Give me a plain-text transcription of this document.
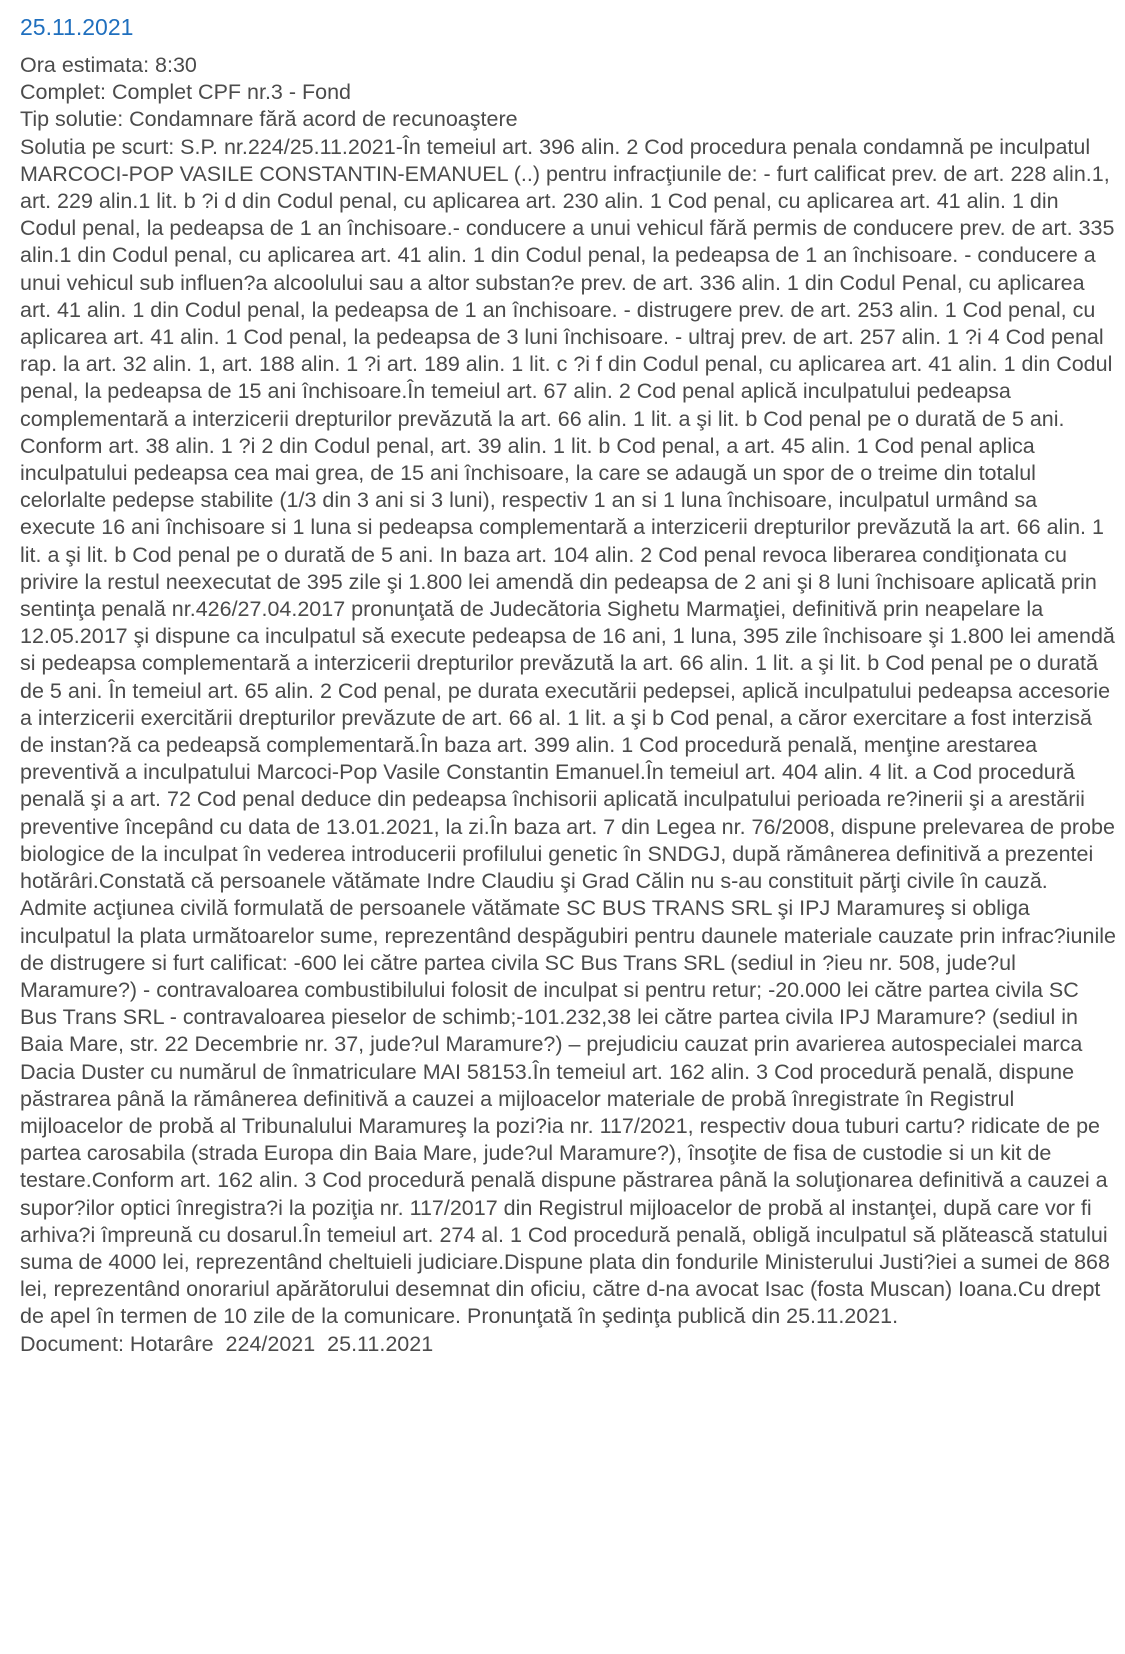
25.11.2021
Ora estimata: 8:30
Complet: Complet CPF nr.3 - Fond
Tip solutie: Condamnare fără acord de recunoaştere
Solutia pe scurt: S.P. nr.224/25.11.2021-În temeiul art. 396 alin. 2 Cod procedura penala condamnă pe inculpatul MARCOCI-POP VASILE CONSTANTIN-EMANUEL (..) pentru infracţiunile de: - furt calificat prev. de art. 228 alin.1, art. 229 alin.1 lit. b ?i d din Codul penal, cu aplicarea art. 230 alin. 1 Cod penal, cu aplicarea art. 41 alin. 1 din Codul penal, la pedeapsa de 1 an închisoare.- conducere a unui vehicul fără permis de conducere prev. de art. 335 alin.1 din Codul penal, cu aplicarea art. 41 alin. 1 din Codul penal, la pedeapsa de 1 an închisoare. - conducere a unui vehicul sub influen?a alcoolului sau a altor substan?e prev. de art. 336 alin. 1 din Codul Penal, cu aplicarea art. 41 alin. 1 din Codul penal, la pedeapsa de 1 an închisoare. - distrugere prev. de art. 253 alin. 1 Cod penal, cu aplicarea art. 41 alin. 1 Cod penal, la pedeapsa de 3 luni închisoare. - ultraj prev. de art. 257 alin. 1 ?i 4 Cod penal rap. la art. 32 alin. 1, art. 188 alin. 1 ?i art. 189 alin. 1 lit. c ?i f din Codul penal, cu aplicarea art. 41 alin. 1 din Codul penal, la pedeapsa de 15 ani închisoare.În temeiul art. 67 alin. 2 Cod penal aplică inculpatului pedeapsa complementară a interzicerii drepturilor prevăzută la art. 66 alin. 1 lit. a şi lit. b Cod penal pe o durată de 5 ani. Conform art. 38 alin. 1 ?i 2 din Codul penal, art. 39 alin. 1 lit. b Cod penal, a art. 45 alin. 1 Cod penal aplica inculpatului pedeapsa cea mai grea, de 15 ani închisoare, la care se adaugă un spor de o treime din totalul celorlalte pedepse stabilite (1/3 din 3 ani si 3 luni), respectiv 1 an si 1 luna închisoare, inculpatul urmând sa execute 16 ani închisoare si 1 luna si pedeapsa complementară a interzicerii drepturilor prevăzută la art. 66 alin. 1 lit. a şi lit. b Cod penal pe o durată de 5 ani. In baza art. 104 alin. 2 Cod penal revoca liberarea condiţionata cu privire la restul neexecutat de 395 zile şi 1.800 lei amendă din pedeapsa de 2 ani şi 8 luni închisoare aplicată prin sentinţa penală nr.426/27.04.2017 pronunţată de Judecătoria Sighetu Marmaţiei, definitivă prin neapelare la 12.05.2017 şi dispune ca inculpatul să execute pedeapsa de 16 ani, 1 luna, 395 zile închisoare şi 1.800 lei amendă si pedeapsa complementară a interzicerii drepturilor prevăzută la art. 66 alin. 1 lit. a şi lit. b Cod penal pe o durată de 5 ani. În temeiul art. 65 alin. 2 Cod penal, pe durata executării pedepsei, aplică inculpatului pedeapsa accesorie a interzicerii exercitării drepturilor prevăzute de art. 66 al. 1 lit. a şi b Cod penal, a căror exercitare a fost interzisă de instan?ă ca pedeapsă complementară.În baza art. 399 alin. 1 Cod procedură penală, menţine arestarea preventivă a inculpatului Marcoci-Pop Vasile Constantin Emanuel.În temeiul art. 404 alin. 4 lit. a Cod procedură penală şi a art. 72 Cod penal deduce din pedeapsa închisorii aplicată inculpatului perioada re?inerii şi a arestării preventive începând cu data de 13.01.2021, la zi.În baza art. 7 din Legea nr. 76/2008, dispune prelevarea de probe biologice de la inculpat în vederea introducerii profilului genetic în SNDGJ, după rămânerea definitivă a prezentei hotărâri.Constată că persoanele vătămate Indre Claudiu şi Grad Călin nu s-au constituit părţi civile în cauză. Admite acţiunea civilă formulată de persoanele vătămate SC BUS TRANS SRL şi IPJ Maramureş si obliga inculpatul la plata următoarelor sume, reprezentând despăgubiri pentru daunele materiale cauzate prin infrac?iunile de distrugere si furt calificat: -600 lei către partea civila SC Bus Trans SRL (sediul in ?ieu nr. 508, jude?ul Maramure?) - contravaloarea combustibilului folosit de inculpat si pentru retur; -20.000 lei către partea civila SC Bus Trans SRL - contravaloarea pieselor de schimb;-101.232,38 lei către partea civila IPJ Maramure? (sediul in Baia Mare, str. 22 Decembrie nr. 37, jude?ul Maramure?) – prejudiciu cauzat prin avarierea autospecialei marca Dacia Duster cu numărul de înmatriculare MAI 58153.În temeiul art. 162 alin. 3 Cod procedură penală, dispune păstrarea până la rămânerea definitivă a cauzei a mijloacelor materiale de probă înregistrate în Registrul mijloacelor de probă al Tribunalului Maramureş la pozi?ia nr. 117/2021, respectiv doua tuburi cartu? ridicate de pe partea carosabila (strada Europa din Baia Mare, jude?ul Maramure?), însoţite de fisa de custodie si un kit de testare.Conform art. 162 alin. 3 Cod procedură penală dispune păstrarea până la soluţionarea definitivă a cauzei a supor?ilor optici înregistra?i la poziţia nr. 117/2017 din Registrul mijloacelor de probă al instanţei, după care vor fi arhiva?i împreună cu dosarul.În temeiul art. 274 al. 1 Cod procedură penală, obligă inculpatul să plătească statului suma de 4000 lei, reprezentând cheltuieli judiciare.Dispune plata din fondurile Ministerului Justi?iei a sumei de 868 lei, reprezentând onorariul apărătorului desemnat din oficiu, către d-na avocat Isac (fosta Muscan) Ioana.Cu drept de apel în termen de 10 zile de la comunicare. Pronunţată în şedinţa publică din 25.11.2021.
Document: Hotarâre  224/2021  25.11.2021
